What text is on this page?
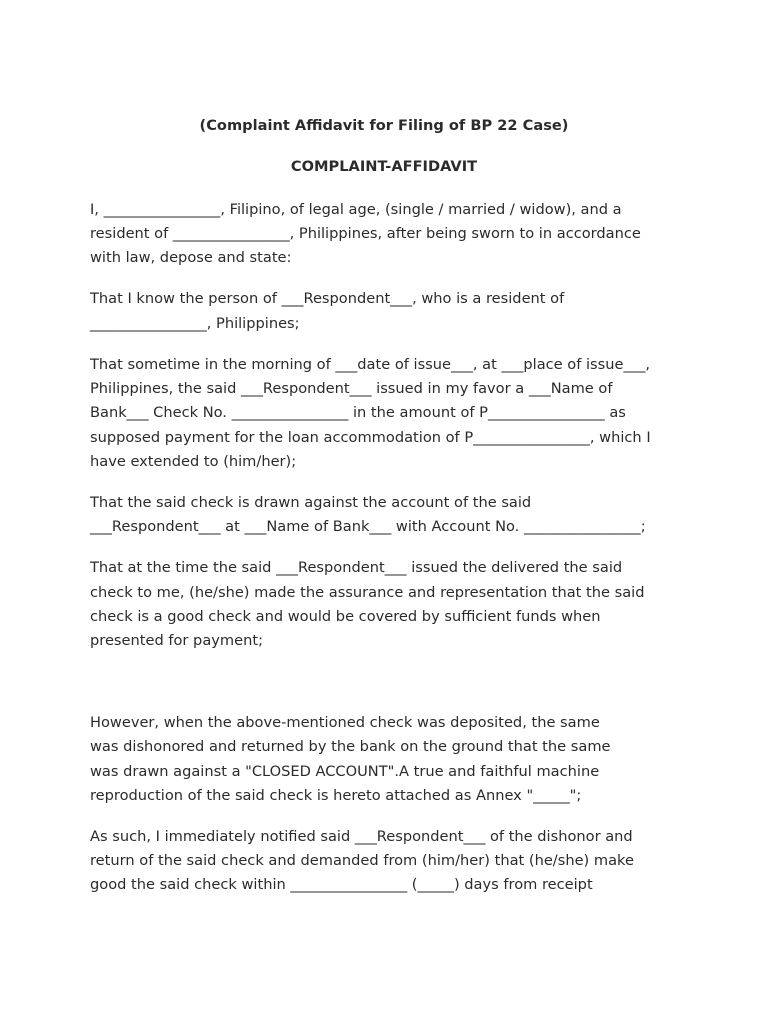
(Complaint Affidavit for Filing of BP 22 Case)
COMPLAINT-AFFIDAVIT

I, ________________, Filipino, of legal age, (single / married / widow), and a

resident of ________________, Philippines, after being sworn to in accordance

with law, depose and state:

That I know the person of ___Respondent___, who is a resident of

________________, Philippines;

That sometime in the morning of ___date of issue___, at ___place of issue___,

Philippines, the said ___Respondent___ issued in my favor a ___Name of

Bank___ Check No. ________________ in the amount of P________________ as

supposed payment for the loan accommodation of P________________, which I

have extended to (him/her);

That the said check is drawn against the account of the said

___Respondent___ at ___Name of Bank___ with Account No. ________________;

That at the time the said ___Respondent___ issued the delivered the said

check to me, (he/she) made the assurance and representation that the said

check is a good check and would be covered by sufficient funds when

presented for payment;

However, when the above-mentioned check was deposited, the same

was dishonored and returned by the bank on the ground that the same

was drawn against a "CLOSED ACCOUNT".A true and faithful machine

reproduction of the said check is hereto attached as Annex "_____";

As such, I immediately notified said ___Respondent___ of the dishonor and

return of the said check and demanded from (him/her) that (he/she) make

good the said check within ________________ (_____) days from receipt
